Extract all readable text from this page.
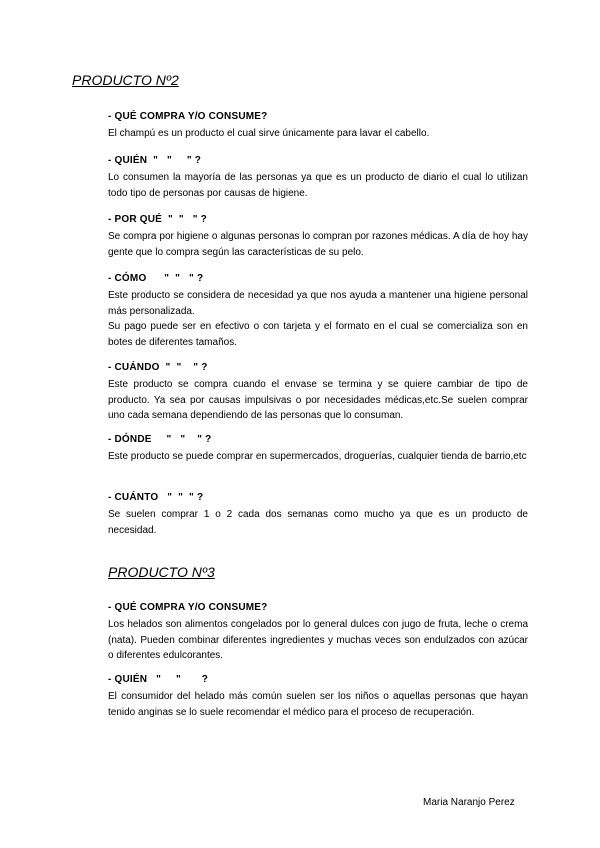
PRODUCTO Nº2
- QUÉ COMPRA Y/O CONSUME?

El champú es un producto el cual sirve únicamente para lavar el cabello.

- QUIÉN  "   "     " ?

Lo consumen la mayoría de las personas ya que es un producto de diario el cual lo utilizan todo tipo de personas por causas de higiene.

- POR QUÉ  "  "   " ?

Se compra por higiene o algunas personas lo compran por razones médicas. A día de hoy hay gente que lo compra según las características de su pelo.

- CÓMO      "  "   " ?

Este producto se considera de necesidad ya que nos ayuda a mantener una higiene personal más personalizada.

Su pago puede ser en efectivo o con tarjeta y el formato en el cual se comercializa son en botes de diferentes tamaños.

- CUÁNDO  "  "    " ?

Este producto se compra cuando el envase se termina y se quiere cambiar de tipo de producto. Ya sea por causas impulsivas o por necesidades médicas,etc.Se suelen comprar uno cada semana dependiendo de las personas que lo consuman.

- DÓNDE     "   "    " ?

Este producto se puede comprar en supermercados, droguerías, cualquier tienda de barrio,etc

- CUÁNTO   "  "  " ?

Se suelen comprar 1 o 2 cada dos semanas como mucho ya que es un producto de necesidad.

PRODUCTO Nº3
- QUÉ COMPRA Y/O CONSUME?

Los helados son alimentos congelados por lo general dulces con jugo de fruta, leche o crema (nata). Pueden combinar diferentes ingredientes y muchas veces son endulzados con azúcar o diferentes edulcorantes.

- QUIÉN   "     "       ?

El consumidor del helado más común suelen ser los niños o aquellas personas que hayan tenido anginas se lo suele recomendar el médico para el proceso de recuperación.

Maria Naranjo Perez
